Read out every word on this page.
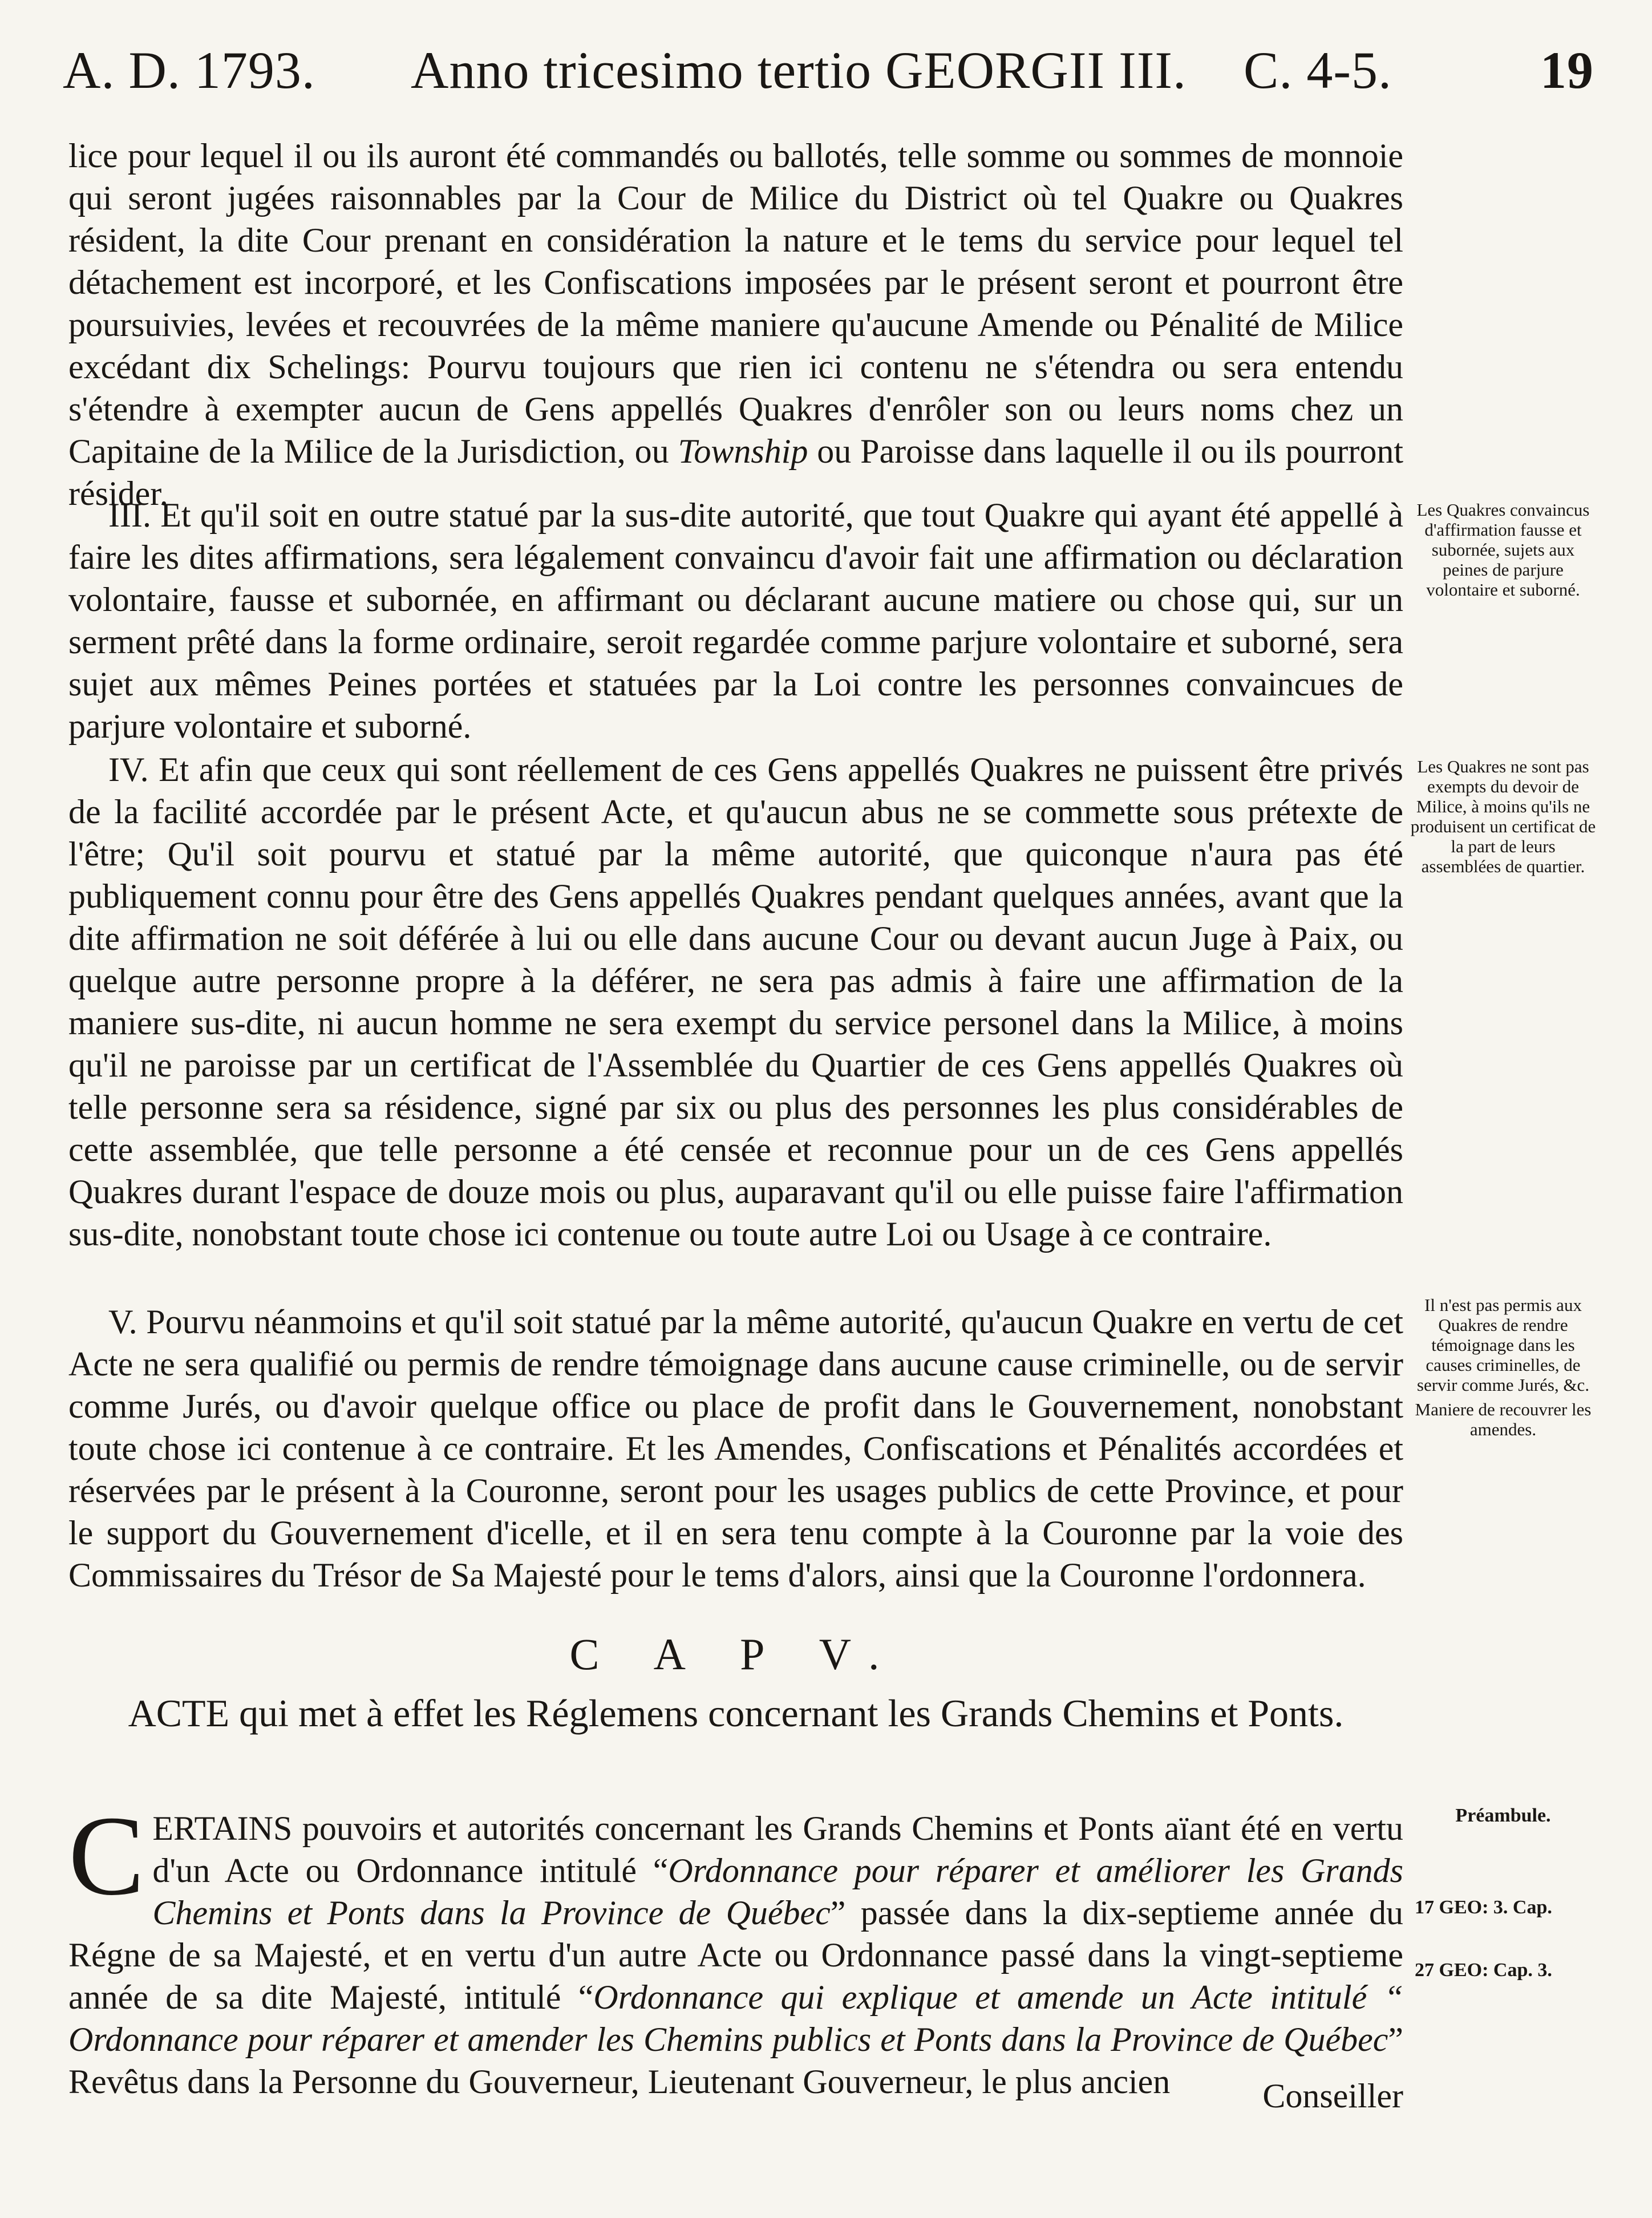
A. D. 1793. Anno tricesimo tertio GEORGII III. C. 4-5.	19

lice pour lequel il ou ils auront été commandés ou ballotés, telle somme ou sommes de monnoie qui seront jugées raisonnables par la Cour de Milice du District où tel Quakre ou Quakres résident, la dite Cour prenant en considération la nature et le tems du service pour lequel tel détachement est incorporé, et les Confiscations imposées par le présent seront et pourront être poursuivies, levées et recouvrées de la même maniere qu'aucune Amende ou Pénalité de Milice excédant dix Schelings: Pourvu toujours que rien ici contenu ne s'étendra ou sera entendu s'étendre à exempter aucun de Gens appellés Quakres d'enrôler son ou leurs noms chez un Capitaine de la Milice de la Jurisdiction, ou Township ou Paroisse dans laquelle il ou ils pourront résider.

III. Et qu'il soit en outre statué par la sus-dite autorité, que tout Quakre qui ayant été appellé à faire les dites affirmations, sera légalement convaincu d'avoir fait une affirmation ou déclaration volontaire, fausse et subornée, en affirmant ou déclarant aucune matiere ou chose qui, sur un serment prêté dans la forme ordinaire, seroit regardée comme parjure volontaire et suborné, sera sujet aux mêmes Peines portées et statuées par la Loi contre les personnes convaincues de parjure volontaire et suborné.

Les Quakres convaincus d'affirmation fausse et subornée, sujets aux peines de parjure volontaire et suborné.

IV. Et afin que ceux qui sont réellement de ces Gens appellés Quakres ne puissent être privés de la facilité accordée par le présent Acte, et qu'aucun abus ne se commette sous prétexte de l'être; Qu'il soit pourvu et statué par la même autorité, que quiconque n'aura pas été publiquement connu pour être des Gens appellés Quakres pendant quelques années, avant que la dite affirmation ne soit déférée à lui ou elle dans aucune Cour ou devant aucun Juge à Paix, ou quelque autre personne propre à la déférer, ne sera pas admis à faire une affirmation de la maniere sus-dite, ni aucun homme ne sera exempt du service personel dans la Milice, à moins qu'il ne paroisse par un certificat de l'Assemblée du Quartier de ces Gens appellés Quakres où telle personne sera sa résidence, signé par six ou plus des personnes les plus considérables de cette assemblée, que telle personne a été censée et reconnue pour un de ces Gens appellés Quakres durant l'espace de douze mois ou plus, auparavant qu'il ou elle puisse faire l'affirmation sus-dite, nonobstant toute chose ici contenue ou toute autre Loi ou Usage à ce contraire.

Les Quakres ne sont pas exempts du devoir de Milice, à moins qu'ils ne produisent un certificat de la part de leurs assemblées de quartier.

V. Pourvu néanmoins et qu'il soit statué par la même autorité, qu'aucun Quakre en vertu de cet Acte ne sera qualifié ou permis de rendre témoignage dans aucune cause criminelle, ou de servir comme Jurés, ou d'avoir quelque office ou place de profit dans le Gouvernement, nonobstant toute chose ici contenue à ce contraire. Et les Amendes, Confiscations et Pénalités accordées et réservées par le présent à la Couronne, seront pour les usages publics de cette Province, et pour le support du Gouvernement d'icelle, et il en sera tenu compte à la Couronne par la voie des Commissaires du Trésor de Sa Majesté pour le tems d'alors, ainsi que la Couronne l'ordonnera.

Il n'est pas permis aux Quakres de rendre témoignage dans les causes criminelles, de servir comme Jurés, &c.

Maniere de recouvrer les amendes.

C A P V.
ACTE qui met à effet les Réglemens concernant les Grands Chemins et Ponts.

C ERTAINS pouvoirs et autorités concernant les Grands Chemins et Ponts aïant été en vertu d'un Acte ou Ordonnance intitulé “Ordonnance pour réparer et améliorer les Grands Chemins et Ponts dans la Province de Québec” passée dans la dix-septieme année du Régne de sa Majesté, et en vertu d'un autre Acte ou Ordonnance passé dans la vingt-septieme année de sa dite Majesté, intitulé “Ordonnance qui explique et amende un Acte intitulé “ Ordonnance pour réparer et amender les Chemins publics et Ponts dans la Province de Québec” Revêtus dans la Personne du Gouverneur, Lieutenant Gouverneur, le plus ancien

Préambule.
17 GEO: 3. Cap.
27 GEO: Cap. 3.
Conseiller
